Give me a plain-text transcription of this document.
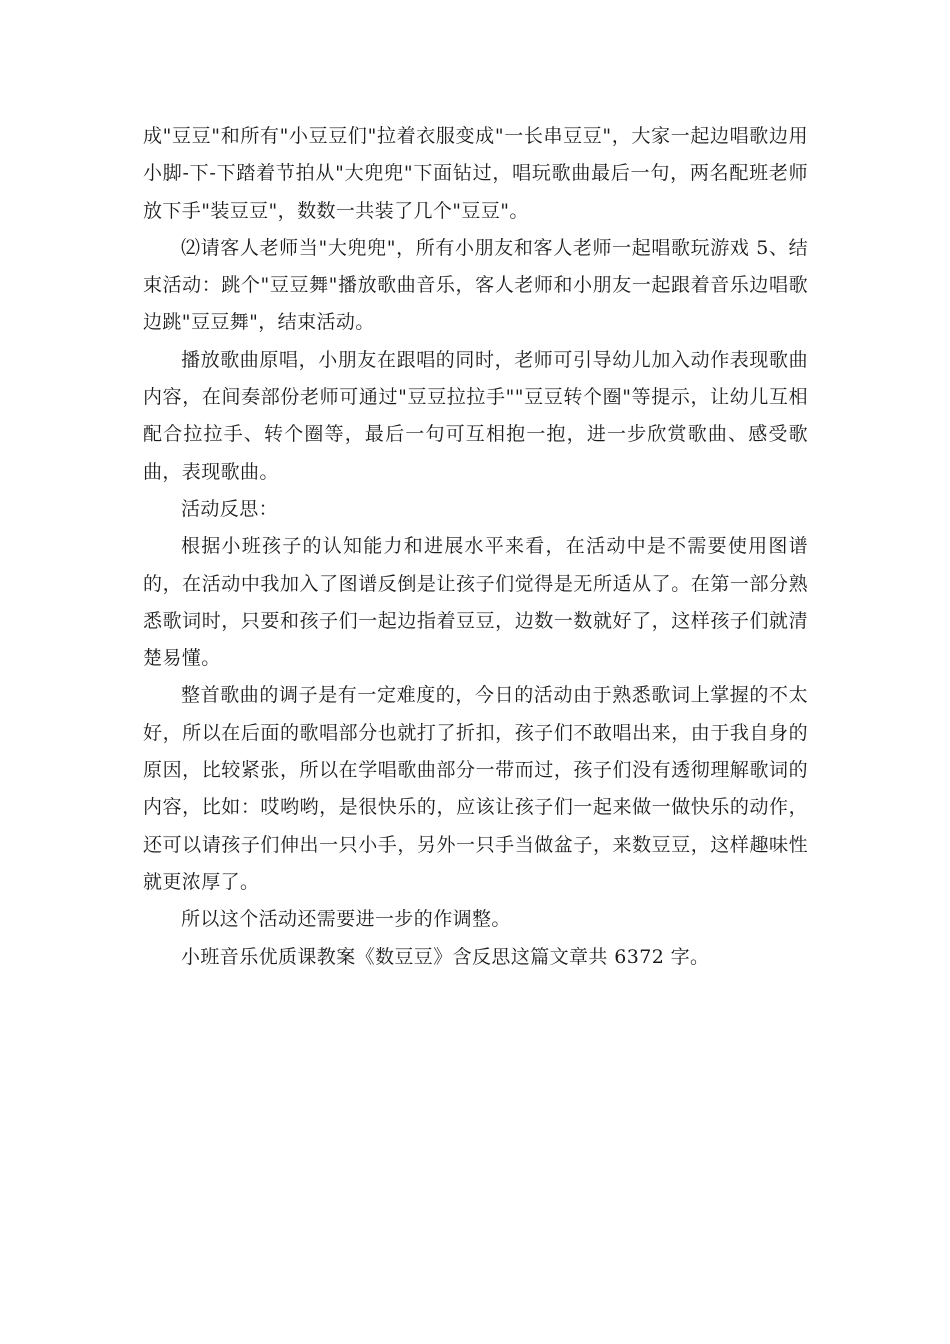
成"豆豆"和所有"小豆豆们"拉着衣服变成"一长串豆豆"，大家一起边唱歌边用小脚-下-下踏着节拍从"大兜兜"下面钻过，唱玩歌曲最后一句，两名配班老师放下手"装豆豆"，数数一共装了几个"豆豆"。

⑵请客人老师当"大兜兜"，所有小朋友和客人老师一起唱歌玩游戏 5、结束活动：跳个"豆豆舞"播放歌曲音乐，客人老师和小朋友一起跟着音乐边唱歌边跳"豆豆舞"，结束活动。

播放歌曲原唱，小朋友在跟唱的同时，老师可引导幼儿加入动作表现歌曲内容，在间奏部份老师可通过"豆豆拉拉手""豆豆转个圈"等提示，让幼儿互相配合拉拉手、转个圈等，最后一句可互相抱一抱，进一步欣赏歌曲、感受歌曲，表现歌曲。

活动反思：

根据小班孩子的认知能力和进展水平来看，在活动中是不需要使用图谱的，在活动中我加入了图谱反倒是让孩子们觉得是无所适从了。在第一部分熟悉歌词时，只要和孩子们一起边指着豆豆，边数一数就好了，这样孩子们就清楚易懂。

整首歌曲的调子是有一定难度的，今日的活动由于熟悉歌词上掌握的不太好，所以在后面的歌唱部分也就打了折扣，孩子们不敢唱出来，由于我自身的原因，比较紧张，所以在学唱歌曲部分一带而过，孩子们没有透彻理解歌词的内容，比如：哎哟哟，是很快乐的，应该让孩子们一起来做一做快乐的动作，还可以请孩子们伸出一只小手，另外一只手当做盆子，来数豆豆，这样趣味性就更浓厚了。

所以这个活动还需要进一步的作调整。

小班音乐优质课教案《数豆豆》含反思这篇文章共 6372 字。
